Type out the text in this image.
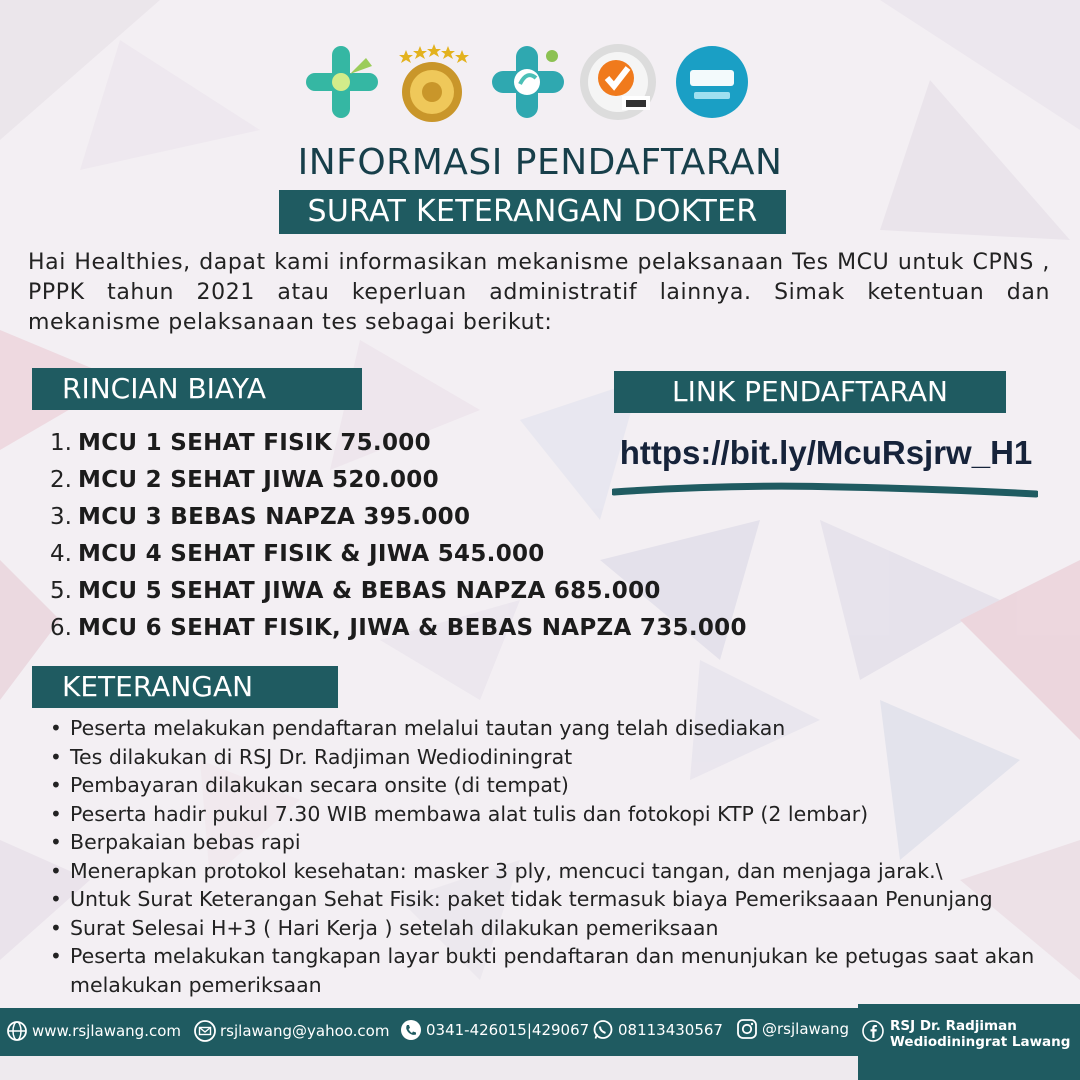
INFORMASI PENDAFTARAN
SURAT KETERANGAN DOKTER
Hai Healthies, dapat kami informasikan mekanisme pelaksanaan Tes MCU untuk CPNS , PPPK tahun 2021 atau keperluan administratif lainnya. Simak ketentuan dan mekanisme pelaksanaan tes sebagai berikut:
RINCIAN BIAYA
1. MCU 1 SEHAT FISIK 75.000
2. MCU 2 SEHAT JIWA 520.000
3. MCU 3 BEBAS NAPZA 395.000
4. MCU 4 SEHAT FISIK & JIWA 545.000
5. MCU 5 SEHAT JIWA & BEBAS NAPZA 685.000
6. MCU 6 SEHAT FISIK, JIWA & BEBAS NAPZA 735.000
LINK PENDAFTARAN
https://bit.ly/McuRsjrw_H1
KETERANGAN
• Peserta melakukan pendaftaran melalui tautan yang telah disediakan
• Tes dilakukan di RSJ Dr. Radjiman Wediodiningrat
• Pembayaran dilakukan secara onsite (di tempat)
• Peserta hadir pukul 7.30 WIB membawa alat tulis dan fotokopi KTP (2 lembar)
• Berpakaian bebas rapi
• Menerapkan protokol kesehatan: masker 3 ply, mencuci tangan, dan menjaga jarak.\
• Untuk Surat Keterangan Sehat Fisik: paket tidak termasuk biaya Pemeriksaaan Penunjang
• Surat Selesai H+3 ( Hari Kerja ) setelah dilakukan pemeriksaan
• Peserta melakukan tangkapan layar bukti pendaftaran dan menunjukan ke petugas saat akan melakukan pemeriksaan
www.rsjlawang.com	rsjlawang@yahoo.com 0341-426015|429067 08113430567	@rsjlawang	RSJ Dr. Radjiman
Wediodiningrat Lawang
